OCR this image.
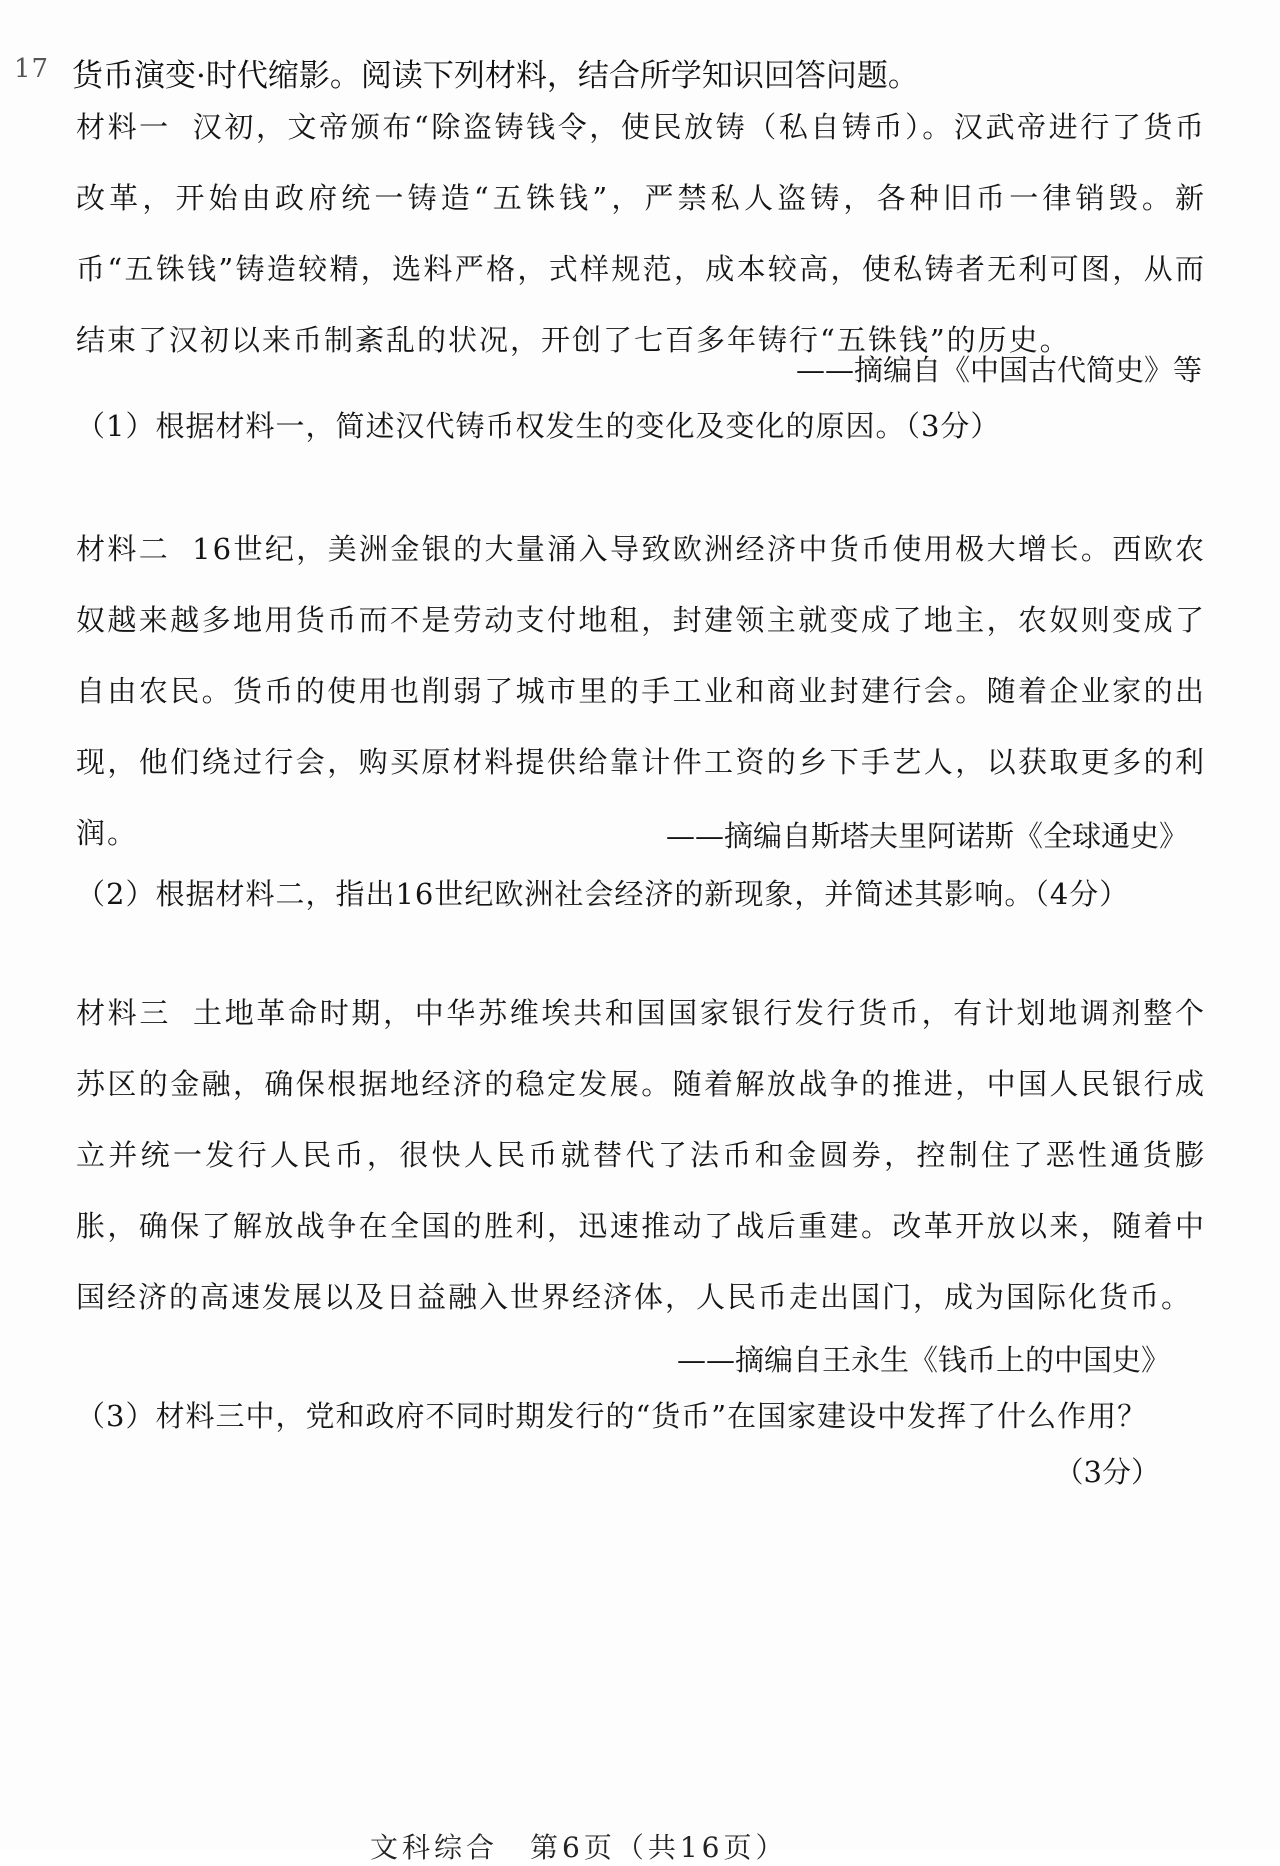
17 货币演变·时代缩影。阅读下列材料，结合所学知识回答问题。
材料一 汉初，文帝颁布“除盗铸钱令，使民放铸（私自铸币）。汉武帝进行了货币改革，开始由政府统一铸造“五铢钱”，严禁私人盗铸，各种旧币一律销毁。新币“五铢钱”铸造较精，选料严格，式样规范，成本较高，使私铸者无利可图，从而结束了汉初以来币制紊乱的状况，开创了七百多年铸行“五铢钱”的历史。
——摘编自《中国古代简史》等
（1）根据材料一，简述汉代铸币权发生的变化及变化的原因。（3分）
材料二 16世纪，美洲金银的大量涌入导致欧洲经济中货币使用极大增长。西欧农奴越来越多地用货币而不是劳动支付地租，封建领主就变成了地主，农奴则变成了自由农民。货币的使用也削弱了城市里的手工业和商业封建行会。随着企业家的出现，他们绕过行会，购买原材料提供给靠计件工资的乡下手艺人，以获取更多的利润。	——摘编自斯塔夫里阿诺斯《全球通史》
（2）根据材料二，指出16世纪欧洲社会经济的新现象，并简述其影响。（4分）
材料三 土地革命时期，中华苏维埃共和国国家银行发行货币，有计划地调剂整个苏区的金融，确保根据地经济的稳定发展。随着解放战争的推进，中国人民银行成立并统一发行人民币，很快人民币就替代了法币和金圆券，控制住了恶性通货膨胀，确保了解放战争在全国的胜利，迅速推动了战后重建。改革开放以来，随着中国经济的高速发展以及日益融入世界经济体，人民币走出国门，成为国际化货币。
——摘编自王永生《钱币上的中国史》
（3）材料三中，党和政府不同时期发行的“货币”在国家建设中发挥了什么作用？
（3分）
文科综合　第6页（共16页）
